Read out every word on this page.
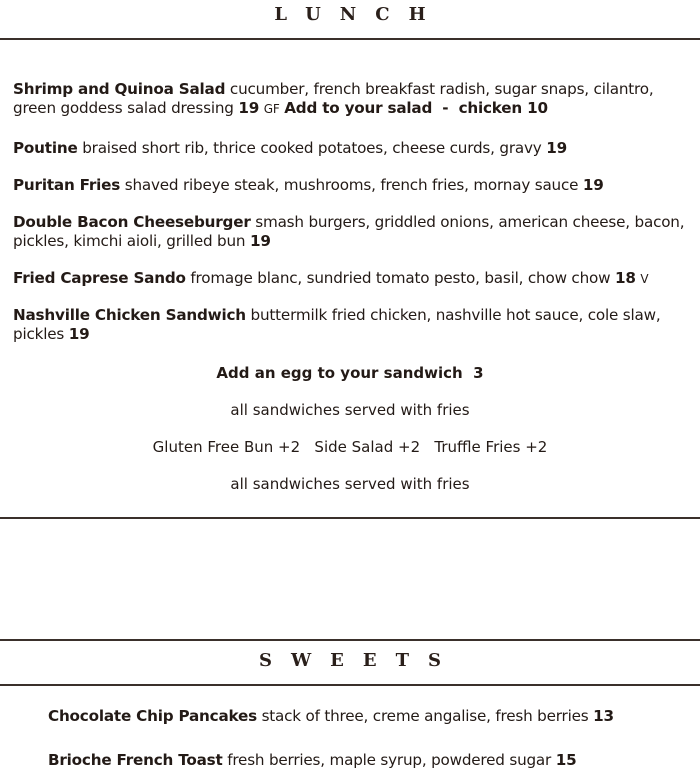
LUNCH
Shrimp and Quinoa Salad cucumber, french breakfast radish, sugar snaps, cilantro, green goddess salad dressing 19 GF Add to your salad  -  chicken 10
Poutine braised short rib, thrice cooked potatoes, cheese curds, gravy 19
Puritan Fries shaved ribeye steak, mushrooms, french fries, mornay sauce 19
Double Bacon Cheeseburger smash burgers, griddled onions, american cheese, bacon, pickles, kimchi aioli, grilled bun 19
Fried Caprese Sando fromage blanc, sundried tomato pesto, basil, chow chow 18 V
Nashville Chicken Sandwich buttermilk fried chicken, nashville hot sauce, cole slaw, pickles 19
Add an egg to your sandwich  3
all sandwiches served with fries
Gluten Free Bun +2   Side Salad +2   Truffle Fries +2
all sandwiches served with fries
SWEETS
Chocolate Chip Pancakes stack of three, creme angalise, fresh berries 13
Brioche French Toast fresh berries, maple syrup, powdered sugar 15
